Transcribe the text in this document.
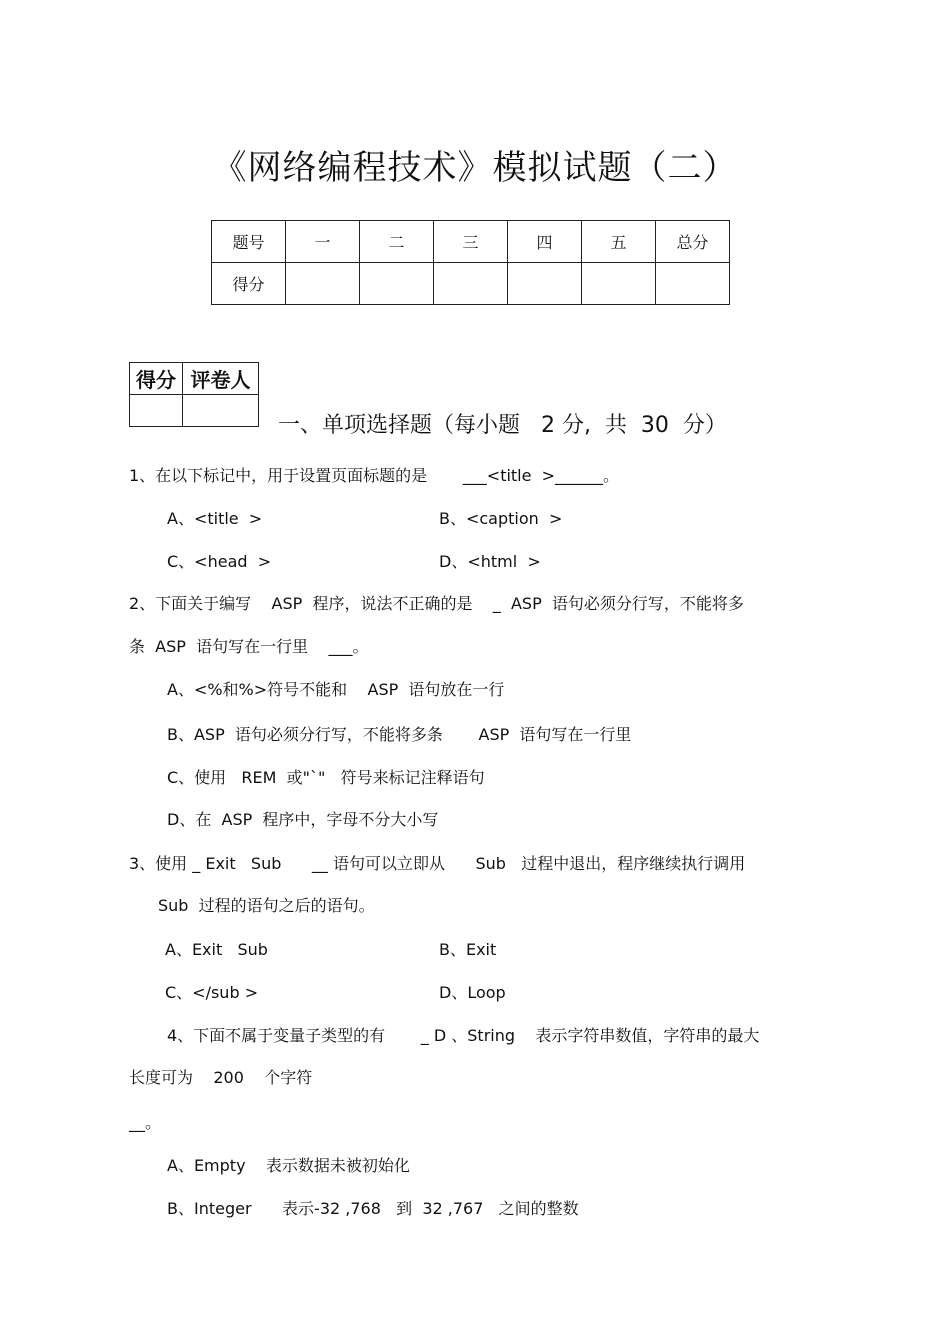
《网络编程技术》模拟试题（二）
题号	一	二	三	四	五	总分
得分						
得分	评卷人

一、单项选择题（每小题   2 分,  共  30  分）
1、在以下标记中，用于设置页面标题的是       ___<title  >______。
A、<title  >	B、<caption  >
C、<head  >	D、<html  >
2、下面关于编写    ASP  程序，说法不正确的是    _  ASP  语句必须分行写，不能将多
条  ASP  语句写在一行里    ___。
A、<%和%>符号不能和    ASP  语句放在一行
B、ASP  语句必须分行写，不能将多条       ASP  语句写在一行里
C、使用   REM  或"`"   符号来标记注释语句
D、在  ASP  程序中，字母不分大小写
3、使用 _ Exit   Sub      __ 语句可以立即从      Sub   过程中退出，程序继续执行调用
Sub  过程的语句之后的语句。
A、Exit   Sub	B、Exit
C、</sub >	D、Loop
4、下面不属于变量子类型的有       _ D 、String    表示字符串数值，字符串的最大
长度可为    200    个字符
__。
A、Empty    表示数据未被初始化
B、Integer      表示-32 ,768   到  32 ,767   之间的整数
